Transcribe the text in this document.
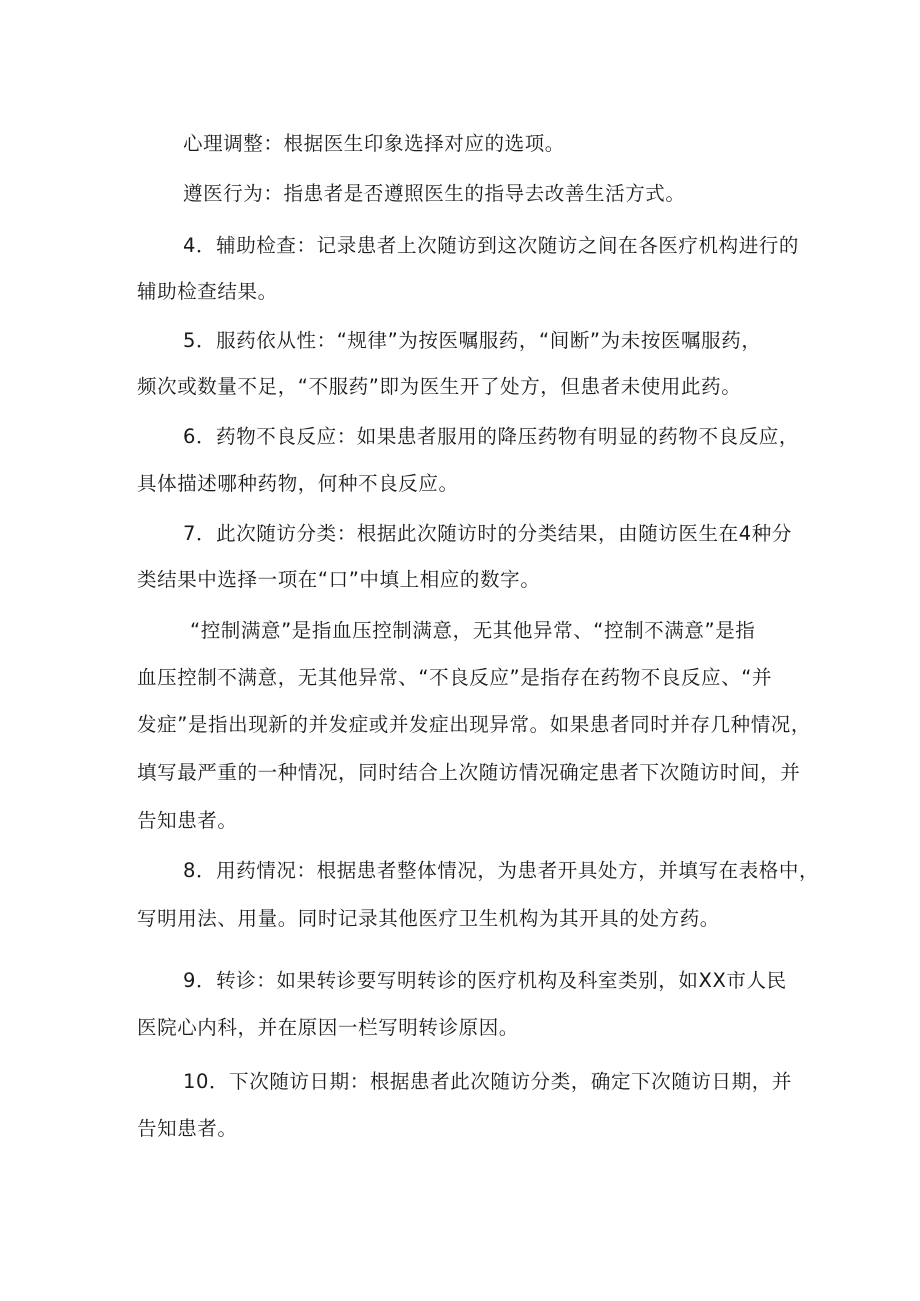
心理调整：根据医生印象选择对应的选项。
遵医行为：指患者是否遵照医生的指导去改善生活方式。
4．辅助检查：记录患者上次随访到这次随访之间在各医疗机构进行的
辅助检查结果。
5．服药依从性：“规律”为按医嘱服药，“间断”为未按医嘱服药，
频次或数量不足，“不服药”即为医生开了处方，但患者未使用此药。
6．药物不良反应：如果患者服用的降压药物有明显的药物不良反应，
具体描述哪种药物，何种不良反应。
7．此次随访分类：根据此次随访时的分类结果，由随访医生在4种分
类结果中选择一项在“口”中填上相应的数字。
“控制满意”是指血压控制满意，无其他异常、“控制不满意”是指
血压控制不满意，无其他异常、“不良反应”是指存在药物不良反应、“并
发症”是指出现新的并发症或并发症出现异常。如果患者同时并存几种情况，
填写最严重的一种情况，同时结合上次随访情况确定患者下次随访时间，并
告知患者。
8．用药情况：根据患者整体情况，为患者开具处方，并填写在表格中，
写明用法、用量。同时记录其他医疗卫生机构为其开具的处方药。
9．转诊：如果转诊要写明转诊的医疗机构及科室类别，如XX市人民
医院心内科，并在原因一栏写明转诊原因。
10．下次随访日期：根据患者此次随访分类，确定下次随访日期，并
告知患者。
